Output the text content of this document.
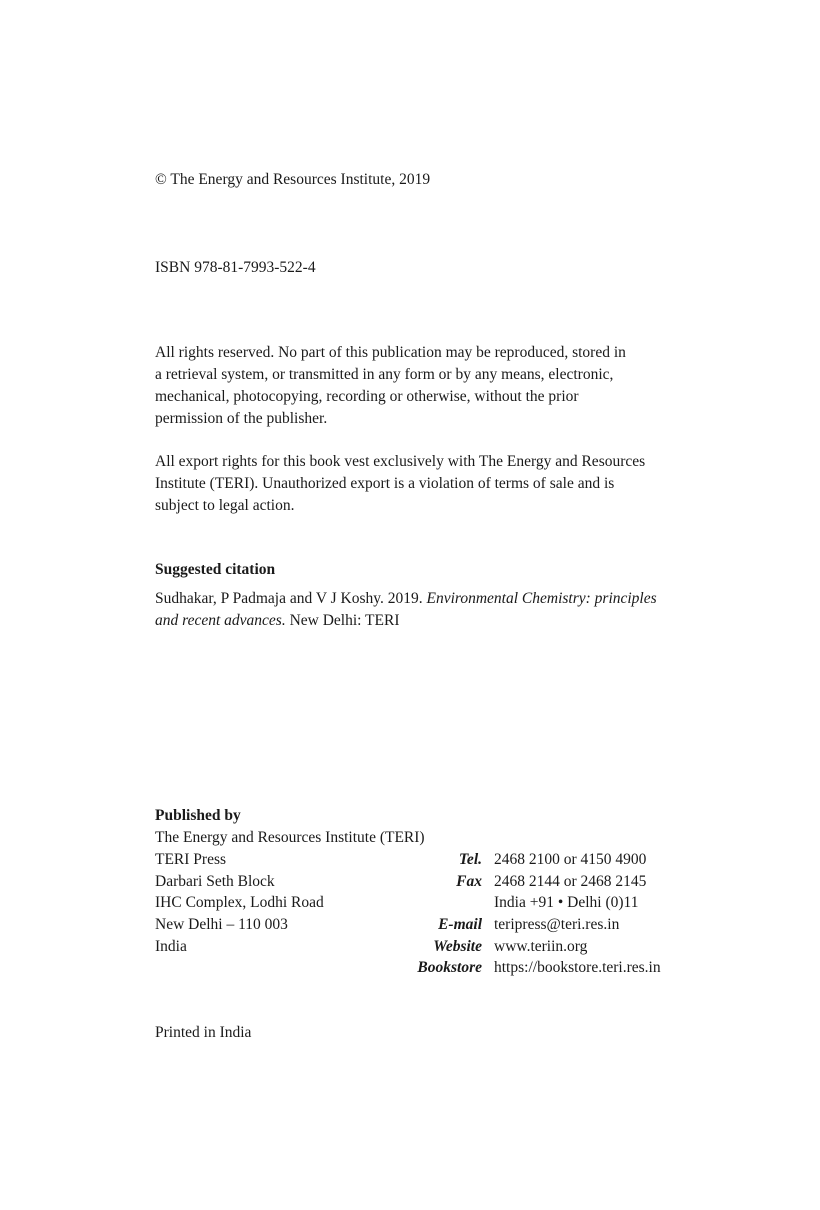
© The Energy and Resources Institute, 2019
ISBN 978-81-7993-522-4
All rights reserved. No part of this publication may be reproduced, stored in
a retrieval system, or transmitted in any form or by any means, electronic,
mechanical, photocopying, recording or otherwise, without the prior
permission of the publisher.
All export rights for this book vest exclusively with The Energy and Resources
Institute (TERI). Unauthorized export is a violation of terms of sale and is
subject to legal action.
Suggested citation
Sudhakar, P Padmaja and V J Koshy. 2019. Environmental Chemistry: principles
and recent advances. New Delhi: TERI
Published by
The Energy and Resources Institute (TERI)
TERI Press	Tel. 2468 2100 or 4150 4900
Darbari Seth Block	Fax 2468 2144 or 2468 2145
IHC Complex, Lodhi Road	India +91 • Delhi (0)11
New Delhi – 110 003	E-mail teripress@teri.res.in
India	Website www.teriin.org
Bookstore https://bookstore.teri.res.in
Printed in India
